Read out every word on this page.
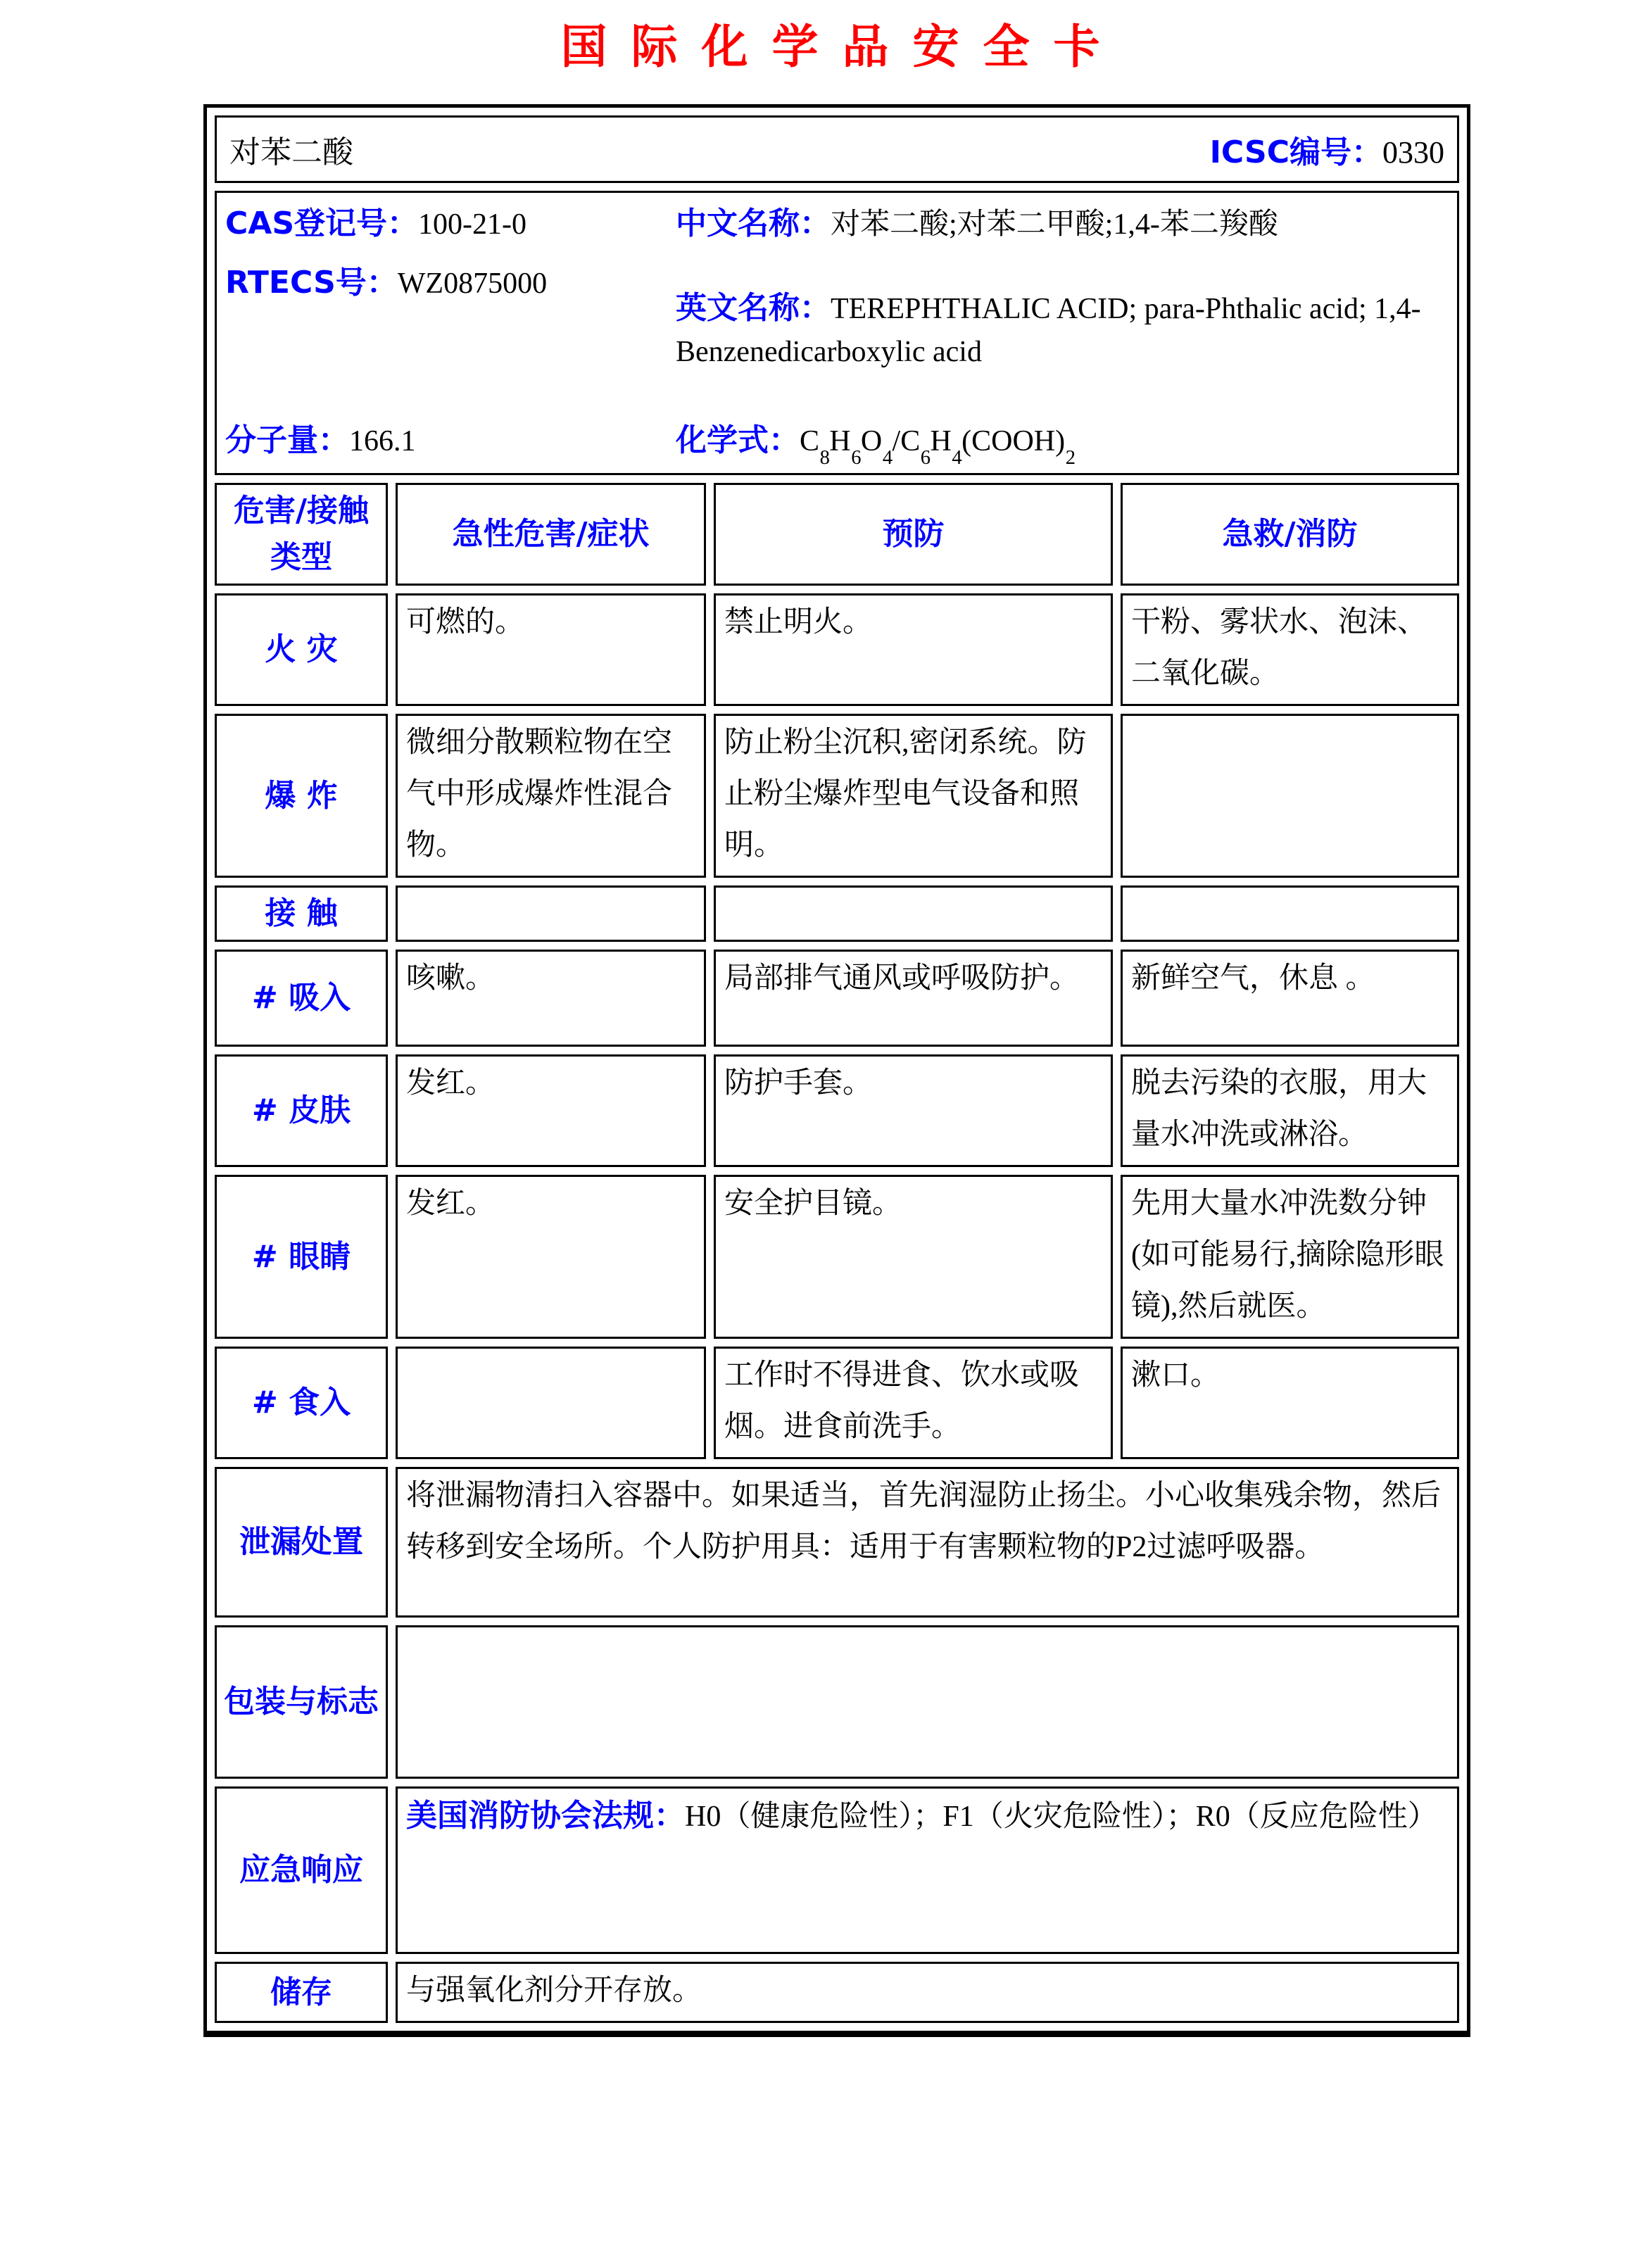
国际化学品安全卡
对苯二酸 ICSC编号：0330			

CAS登记号：100-21-0
RTECS号：WZ0875000
分子量：166.1
中文名称：对苯二酸;对苯二甲酸;1,4-苯二羧酸
英文名称：TEREPHTHALIC ACID; para-Phthalic acid; 1,4-Benzenedicarboxylic acid
化学式：$C_8H_6O_4/C_6H_4(COOH)_2$

危害/接触 类型	急性危害/症状	预防	急救/消防
火 灾	可燃的。	禁止明火。	干粉、雾状水、泡沫、二氧化碳。
爆 炸	微细分散颗粒物在空气中形成爆炸性混合物。	防止粉尘沉积,密闭系统。防止粉尘爆炸型电气设备和照明。	
接 触			
# 吸入	咳嗽。	局部排气通风或呼吸防护。	新鲜空气，休息 。
# 皮肤	发红。	防护手套。	脱去污染的衣服，用大量水冲洗或淋浴。
# 眼睛	发红。	安全护目镜。	先用大量水冲洗数分钟(如可能易行,摘除隐形眼镜),然后就医。
# 食入		工作时不得进食、饮水或吸烟。进食前洗手。	漱口。
泄漏处置	将泄漏物清扫入容器中。如果适当，首先润湿防止扬尘。小心收集残余物，然后转移到安全场所。个人防护用具：适用于有害颗粒物的P2过滤呼吸器。		
包装与标志			
应急响应	美国消防协会法规：H0（健康危险性）；F1（火灾危险性）；R0（反应危险性）		
储存	与强氧化剂分开存放。		
